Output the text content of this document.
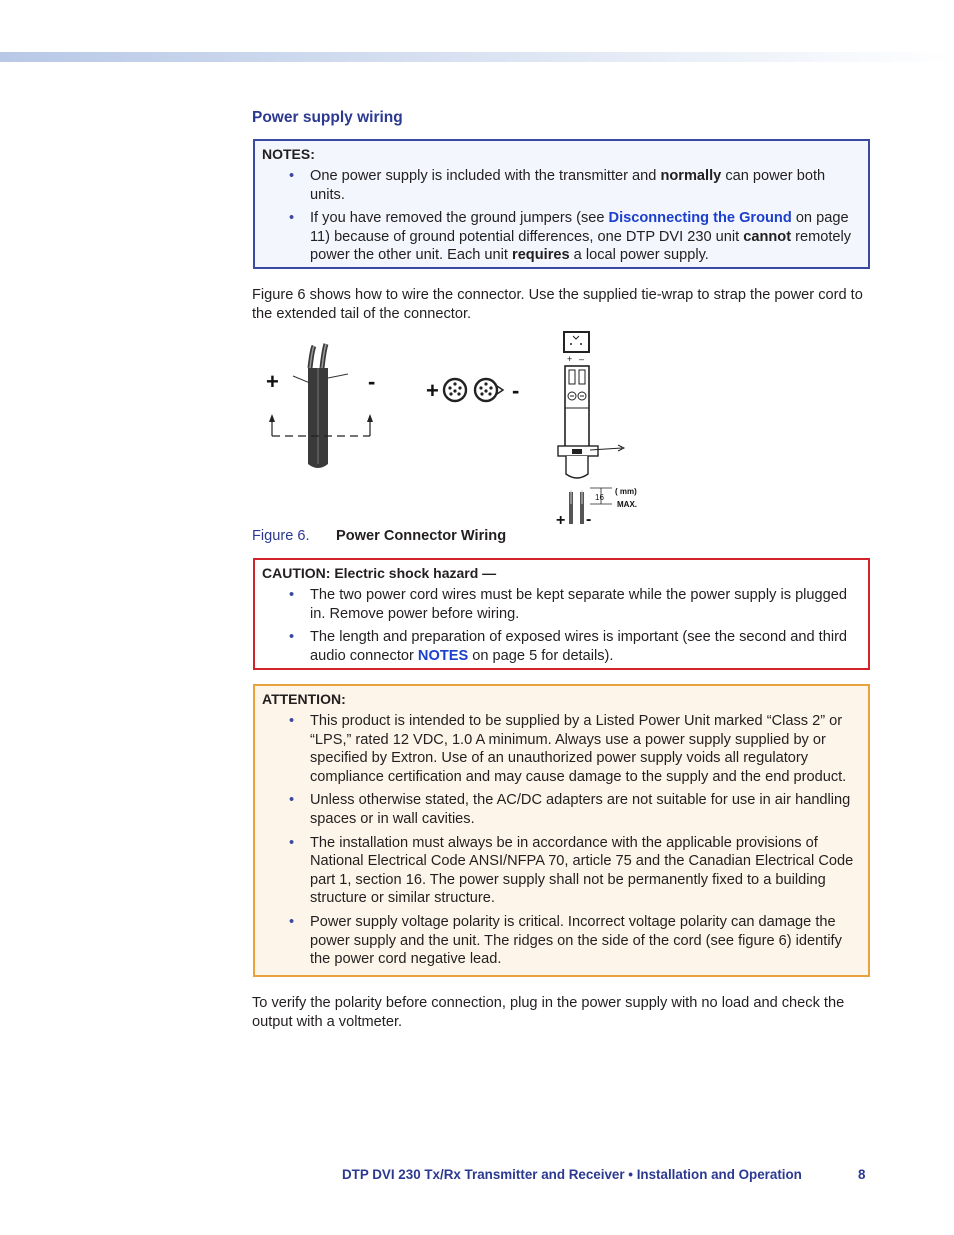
Power supply wiring
NOTES:
• One power supply is included with the transmitter and normally can power both units.
• If you have removed the ground jumpers (see Disconnecting the Ground on page 11) because of ground potential differences, one DTP DVI 230 unit cannot remotely power the other unit. Each unit requires a local power supply.

Figure 6 shows how to wire the connector. Use the supplied tie-wrap to strap the power cord to the extended tail of the connector.

+	- +	-
+ –
16
( mm)
MAX.
+ -
Figure 6. Power Connector Wiring
CAUTION: Electric shock hazard —
• The two power cord wires must be kept separate while the power supply is plugged in. Remove power before wiring.
• The length and preparation of exposed wires is important (see the second and third audio connector NOTES on page 5 for details).
ATTENTION:
• This product is intended to be supplied by a Listed Power Unit marked “Class 2” or “LPS,” rated 12 VDC, 1.0 A minimum. Always use a power supply supplied by or specified by Extron. Use of an unauthorized power supply voids all regulatory compliance certification and may cause damage to the supply and the end product.
• Unless otherwise stated, the AC/DC adapters are not suitable for use in air handling spaces or in wall cavities.
• The installation must always be in accordance with the applicable provisions of National Electrical Code ANSI/NFPA 70, article 75 and the Canadian Electrical Code part 1, section 16. The power supply shall not be permanently fixed to a building structure or similar structure.
• Power supply voltage polarity is critical. Incorrect voltage polarity can damage the power supply and the unit. The ridges on the side of the cord (see figure 6) identify the power cord negative lead.

To verify the polarity before connection, plug in the power supply with no load and check the output with a voltmeter.

DTP DVI 230 Tx/Rx Transmitter and Receiver • Installation and Operation	8
